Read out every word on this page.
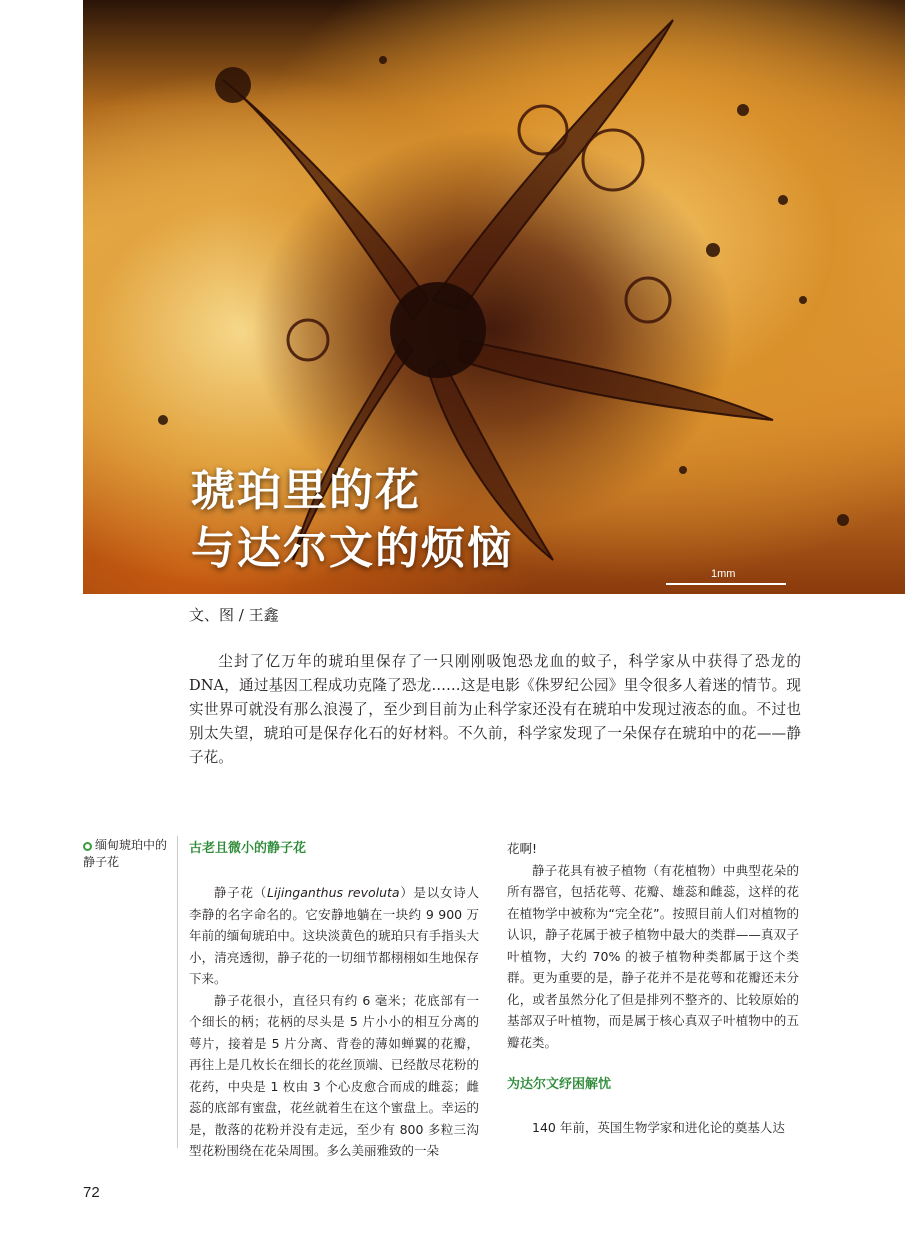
琥珀里的花
与达尔文的烦恼	1mm
文、图 / 王鑫

尘封了亿万年的琥珀里保存了一只刚刚吸饱恐龙血的蚊子，科学家从中获得了恐龙的DNA，通过基因工程成功克隆了恐龙……这是电影《侏罗纪公园》里令很多人着迷的情节。现实世界可就没有那么浪漫了，至少到目前为止科学家还没有在琥珀中发现过液态的血。不过也别太失望，琥珀可是保存化石的好材料。不久前，科学家发现了一朵保存在琥珀中的花——静子花。

缅甸琥珀中的

静子花
古老且微小的静子花

静子花（Lijinganthus revoluta）是以女诗人李静的名字命名的。它安静地躺在一块约 9 900 万年前的缅甸琥珀中。这块淡黄色的琥珀只有手指头大小，清亮透彻，静子花的一切细节都栩栩如生地保存下来。

静子花很小，直径只有约 6 毫米；花底部有一个细长的柄；花柄的尽头是 5 片小小的相互分离的萼片，接着是 5 片分离、背卷的薄如蝉翼的花瓣，再往上是几枚长在细长的花丝顶端、已经散尽花粉的花药，中央是 1 枚由 3 个心皮愈合而成的雌蕊；雌蕊的底部有蜜盘，花丝就着生在这个蜜盘上。幸运的是，散落的花粉并没有走远，至少有 800 多粒三沟型花粉围绕在花朵周围。多么美丽雅致的一朵

花啊!

静子花具有被子植物（有花植物）中典型花朵的所有器官，包括花萼、花瓣、雄蕊和雌蕊，这样的花在植物学中被称为“完全花”。按照目前人们对植物的认识，静子花属于被子植物中最大的类群——真双子叶植物，大约 70% 的被子植物种类都属于这个类群。更为重要的是，静子花并不是花萼和花瓣还未分化，或者虽然分化了但是排列不整齐的、比较原始的基部双子叶植物，而是属于核心真双子叶植物中的五瓣花类。

为达尔文纾困解忧

140 年前，英国生物学家和进化论的奠基人达

72
